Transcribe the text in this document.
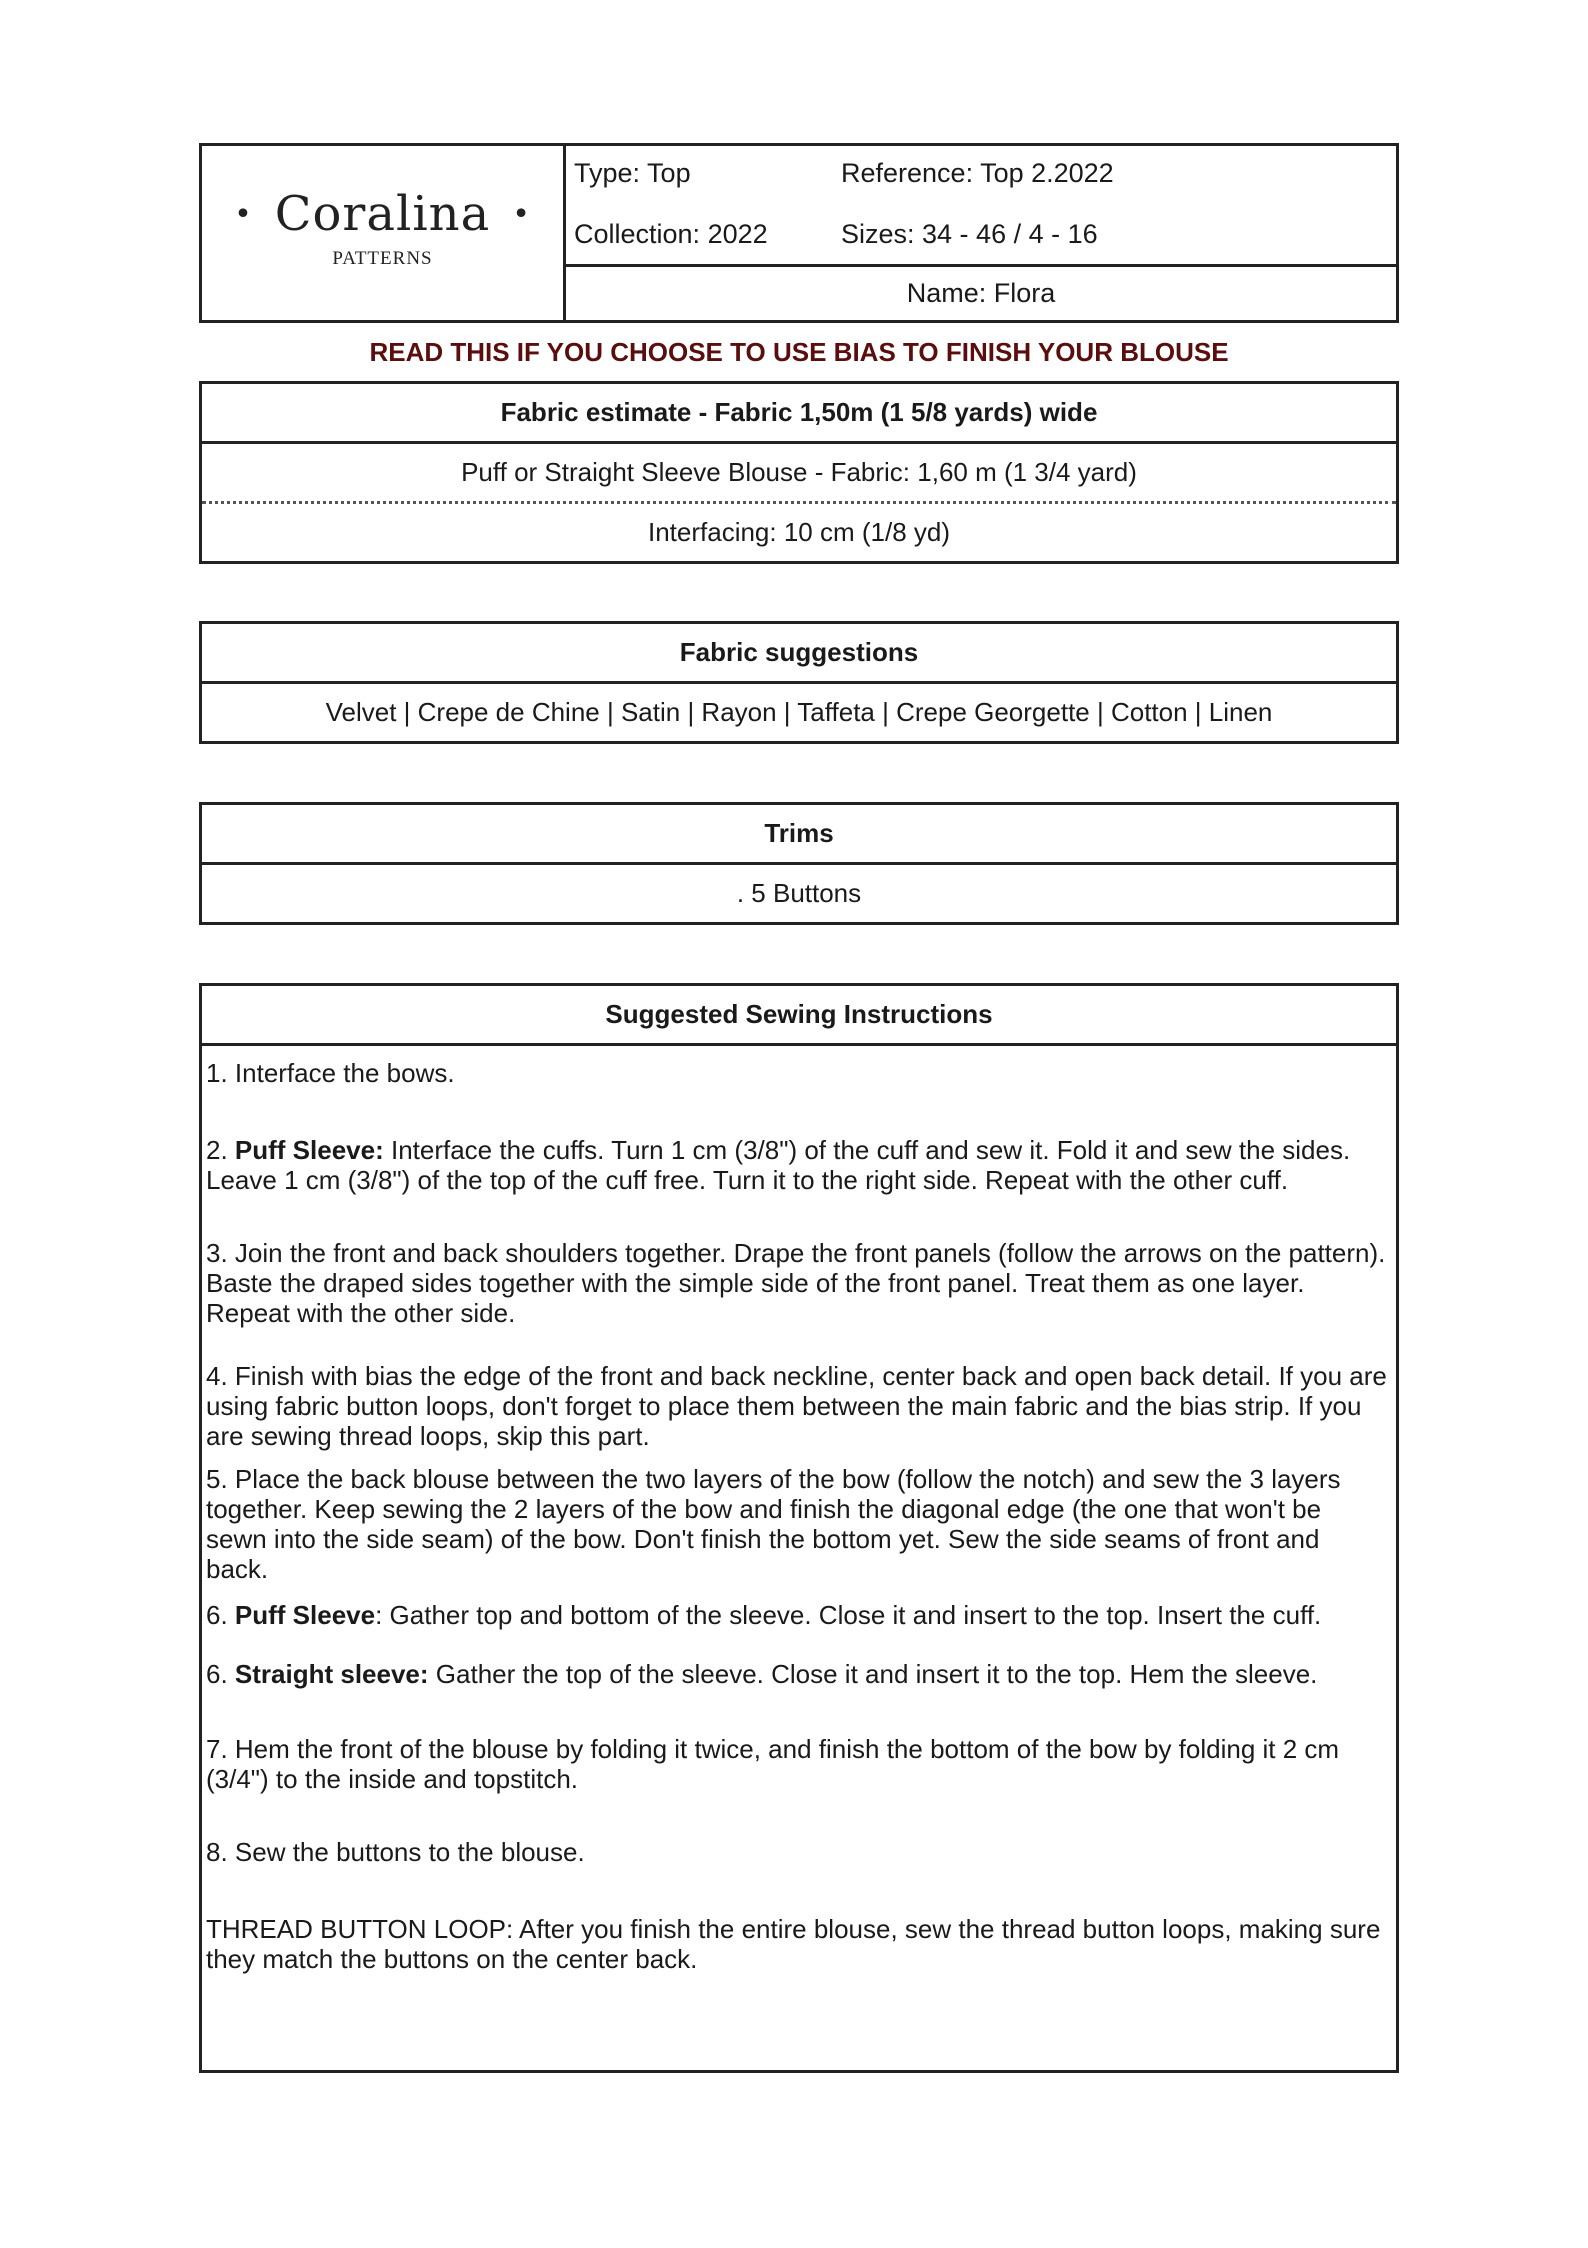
• Coralina •
PATTERNS
Type: Top	Reference: Top 2.2022
Collection: 2022	Sizes: 34 - 46 / 4 - 16
Name: Flora
READ THIS IF YOU CHOOSE TO USE BIAS TO FINISH YOUR BLOUSE
Fabric estimate - Fabric 1,50m (1 5/8 yards) wide
Puff or Straight Sleeve Blouse - Fabric: 1,60 m (1 3/4 yard)
Interfacing: 10 cm (1/8 yd)
Fabric suggestions
Velvet | Crepe de Chine | Satin | Rayon | Taffeta | Crepe Georgette | Cotton | Linen
Trims
. 5 Buttons
Suggested Sewing Instructions

1. Interface the bows.

2. Puff Sleeve: Interface the cuffs. Turn 1 cm (3/8") of the cuff and sew it. Fold it and sew the sides. Leave 1 cm (3/8") of the top of the cuff free. Turn it to the right side. Repeat with the other cuff.

3. Join the front and back shoulders together. Drape the front panels (follow the arrows on the pattern). Baste the draped sides together with the simple side of the front panel. Treat them as one layer. Repeat with the other side.

4. Finish with bias the edge of the front and back neckline, center back and open back detail. If you are using fabric button loops, don't forget to place them between the main fabric and the bias strip. If you are sewing thread loops, skip this part.

5. Place the back blouse between the two layers of the bow (follow the notch) and sew the 3 layers together. Keep sewing the 2 layers of the bow and finish the diagonal edge (the one that won't be sewn into the side seam) of the bow. Don't finish the bottom yet. Sew the side seams of front and back.

6. Puff Sleeve: Gather top and bottom of the sleeve. Close it and insert to the top. Insert the cuff.

6. Straight sleeve: Gather the top of the sleeve. Close it and insert it to the top. Hem the sleeve.

7. Hem the front of the blouse by folding it twice, and finish the bottom of the bow by folding it 2 cm (3/4") to the inside and topstitch.

8. Sew the buttons to the blouse.

THREAD BUTTON LOOP: After you finish the entire blouse, sew the thread button loops, making sure they match the buttons on the center back.
